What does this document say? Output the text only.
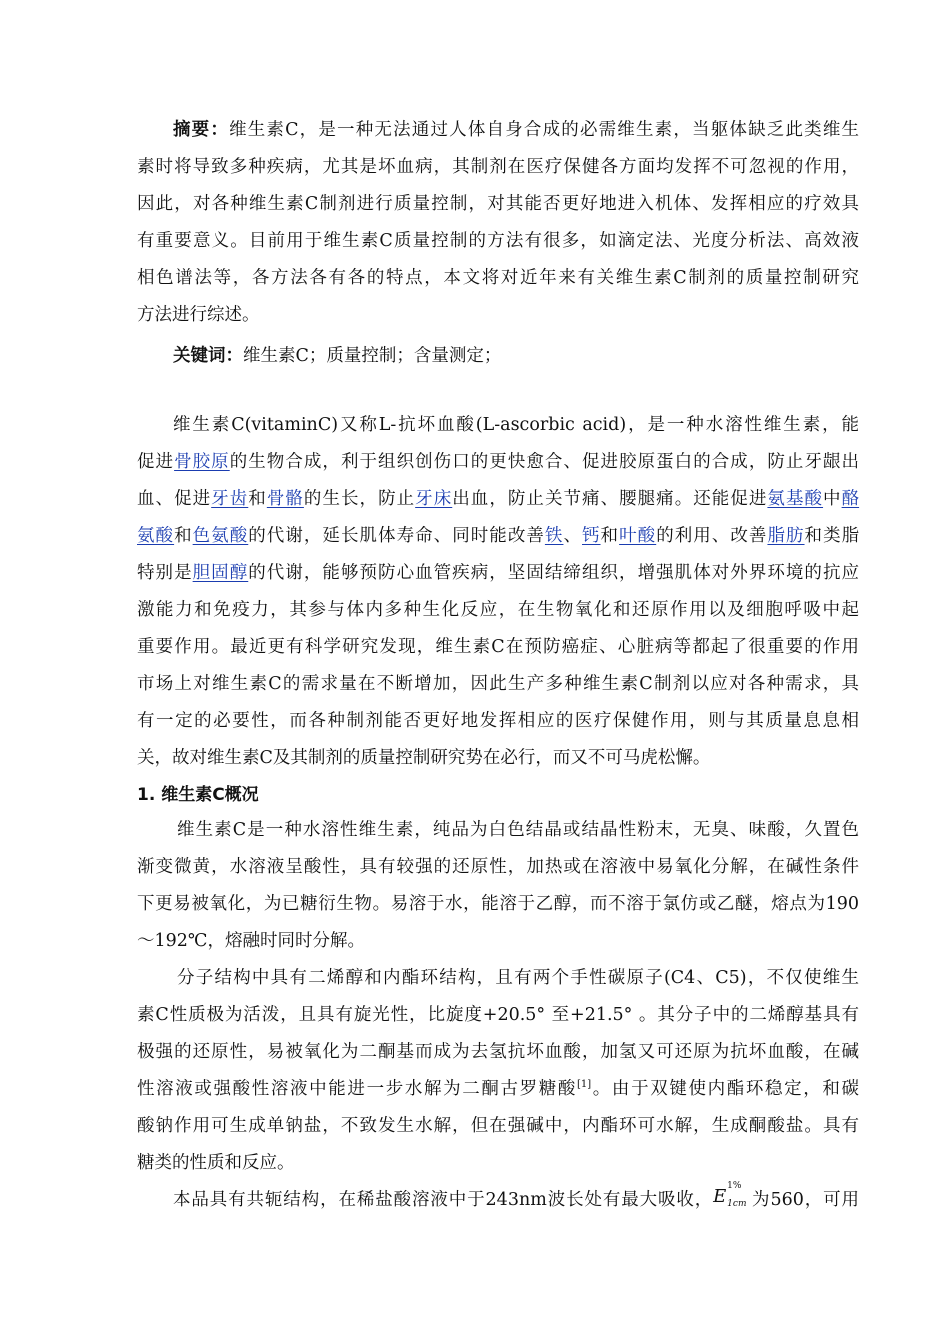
摘要：维生素C，是一种无法通过人体自身合成的必需维生素，当躯体缺乏此类维生
素时将导致多种疾病，尤其是坏血病，其制剂在医疗保健各方面均发挥不可忽视的作用，
因此，对各种维生素C制剂进行质量控制，对其能否更好地进入机体、发挥相应的疗效具
有重要意义。目前用于维生素C质量控制的方法有很多，如滴定法、光度分析法、高效液
相色谱法等，各方法各有各的特点，本文将对近年来有关维生素C制剂的质量控制研究
方法进行综述。
关键词：维生素C；质量控制；含量测定；
维生素C(vitaminC)又称L-抗坏血酸(L-ascorbic acid)，是一种水溶性维生素，能
促进骨胶原的生物合成，利于组织创伤口的更快愈合、促进胶原蛋白的合成，防止牙龈出
血、促进牙齿和骨骼的生长，防止牙床出血，防止关节痛、腰腿痛。还能促进氨基酸中酪
氨酸和色氨酸的代谢，延长肌体寿命、同时能改善铁、钙和叶酸的利用、改善脂肪和类脂
特别是胆固醇的代谢，能够预防心血管疾病，坚固结缔组织，增强肌体对外界环境的抗应
激能力和免疫力，其参与体内多种生化反应，在生物氧化和还原作用以及细胞呼吸中起
重要作用。最近更有科学研究发现，维生素C在预防癌症、心脏病等都起了很重要的作用
市场上对维生素C的需求量在不断增加，因此生产多种维生素C制剂以应对各种需求，具
有一定的必要性，而各种制剂能否更好地发挥相应的医疗保健作用，则与其质量息息相
关，故对维生素C及其制剂的质量控制研究势在必行，而又不可马虎松懈。
1. 维生素C概况
维生素C是一种水溶性维生素，纯品为白色结晶或结晶性粉末，无臭、味酸，久置色
渐变微黄，水溶液呈酸性，具有较强的还原性，加热或在溶液中易氧化分解，在碱性条件
下更易被氧化，为已糖衍生物。易溶于水，能溶于乙醇，而不溶于氯仿或乙醚，熔点为190
～192℃，熔融时同时分解。
分子结构中具有二烯醇和内酯环结构，且有两个手性碳原子(C4、C5)，不仅使维生
素C性质极为活泼，且具有旋光性，比旋度+20.5° 至+21.5° 。其分子中的二烯醇基具有
极强的还原性，易被氧化为二酮基而成为去氢抗坏血酸，加氢又可还原为抗坏血酸，在碱
性溶液或强酸性溶液中能进一步水解为二酮古罗糖酸[1]。由于双键使内酯环稳定，和碳
酸钠作用可生成单钠盐，不致发生水解，但在强碱中，内酯环可水解，生成酮酸盐。具有
糖类的性质和反应。
本品具有共轭结构，在稀盐酸溶液中于243nm波长处有最大吸收， E 1%
1cm 为560，可用
